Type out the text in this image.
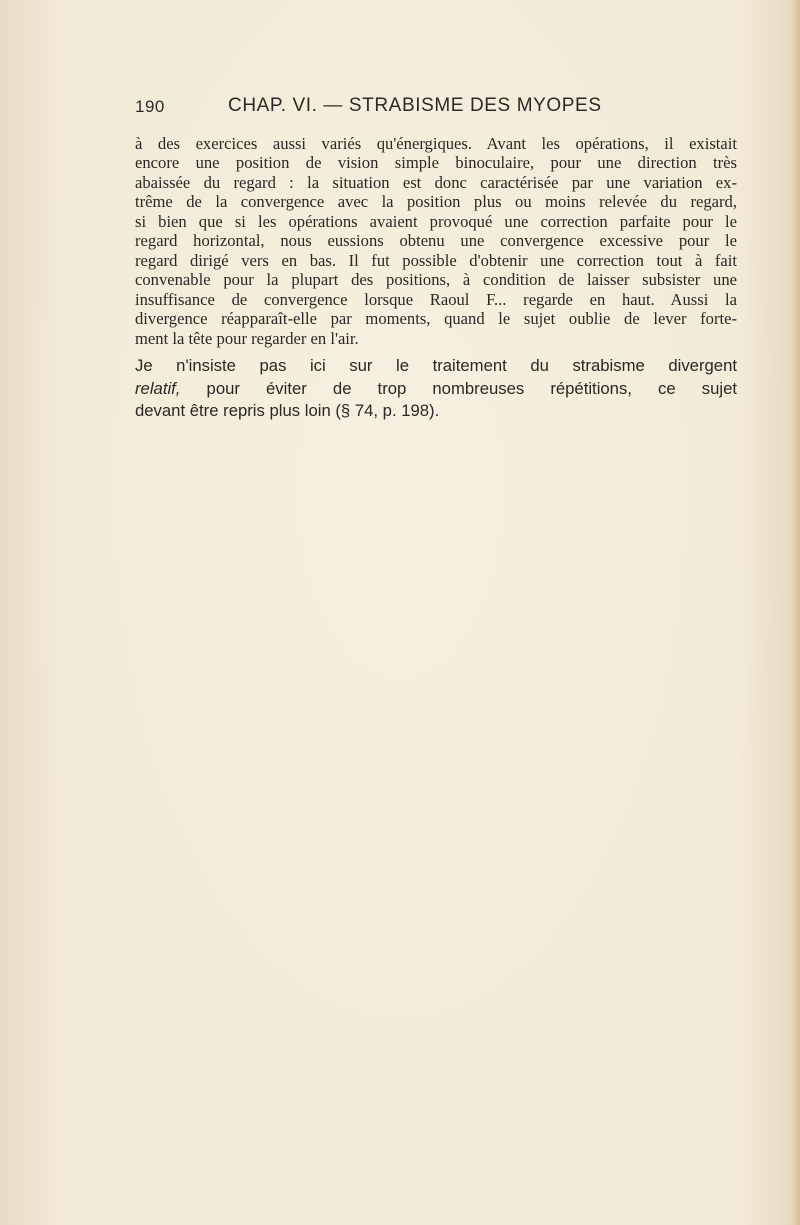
190	CHAP. VI. — STRABISME DES MYOPES

à des exercices aussi variés qu'énergiques. Avant les opérations, il existait
encore une position de vision simple binoculaire, pour une direction très
abaissée du regard : la situation est donc caractérisée par une variation ex-
trême de la convergence avec la position plus ou moins relevée du regard,
si bien que si les opérations avaient provoqué une correction parfaite pour le
regard horizontal, nous eussions obtenu une convergence excessive pour le
regard dirigé vers en bas. Il fut possible d'obtenir une correction tout à fait
convenable pour la plupart des positions, à condition de laisser subsister une
insuffisance de convergence lorsque Raoul F... regarde en haut. Aussi la
divergence réapparaît-elle par moments, quand le sujet oublie de lever forte-
ment la tête pour regarder en l'air.

Je n'insiste pas ici sur le traitement du strabisme divergent
relatif, pour éviter de trop nombreuses répétitions, ce sujet
devant être repris plus loin (§ 74, p. 198).
